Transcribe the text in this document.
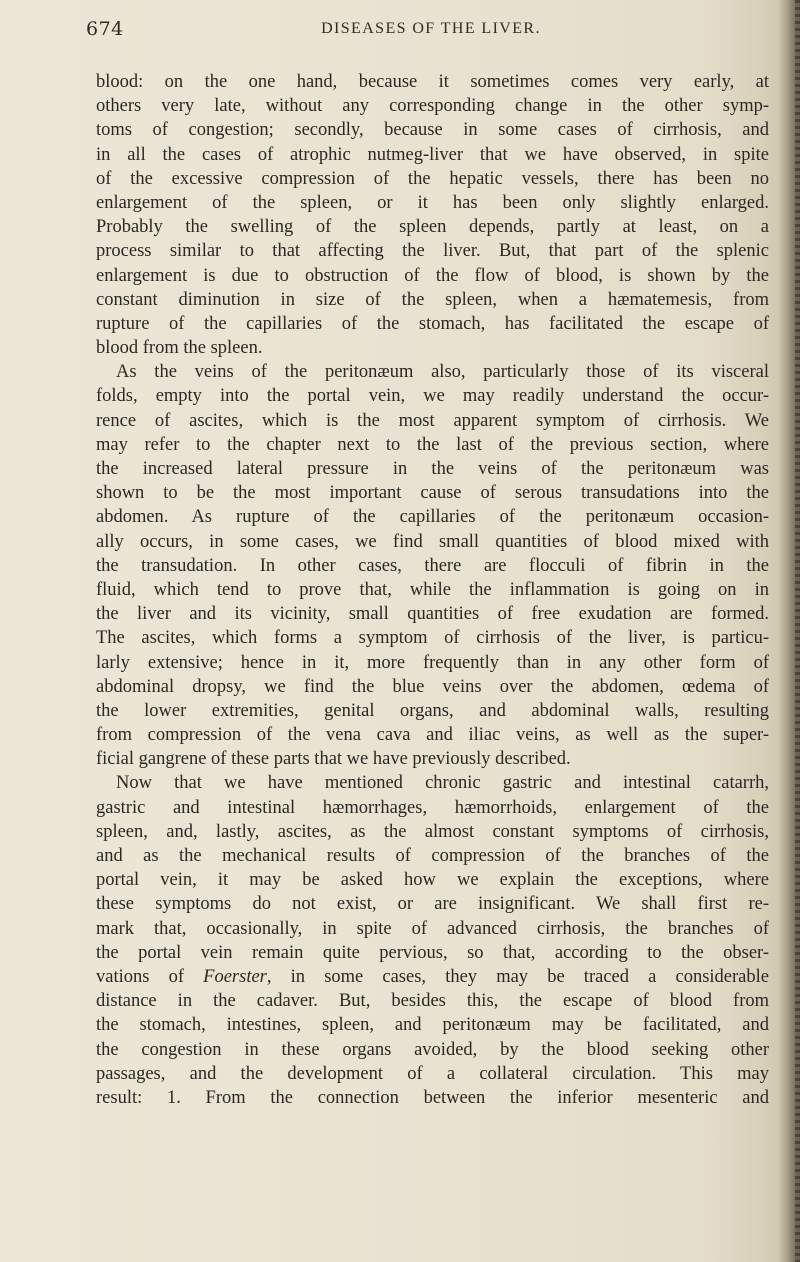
674	DISEASES OF THE LIVER.
blood: on the one hand, because it sometimes comes very early, at
others very late, without any corresponding change in the other symp-
toms of congestion; secondly, because in some cases of cirrhosis, and
in all the cases of atrophic nutmeg-liver that we have observed, in spite
of the excessive compression of the hepatic vessels, there has been no
enlargement of the spleen, or it has been only slightly enlarged.
Probably the swelling of the spleen depends, partly at least, on a
process similar to that affecting the liver. But, that part of the splenic
enlargement is due to obstruction of the flow of blood, is shown by the
constant diminution in size of the spleen, when a hæmatemesis, from
rupture of the capillaries of the stomach, has facilitated the escape of
blood from the spleen.
As the veins of the peritonæum also, particularly those of its visceral
folds, empty into the portal vein, we may readily understand the occur-
rence of ascites, which is the most apparent symptom of cirrhosis. We
may refer to the chapter next to the last of the previous section, where
the increased lateral pressure in the veins of the peritonæum was
shown to be the most important cause of serous transudations into the
abdomen. As rupture of the capillaries of the peritonæum occasion-
ally occurs, in some cases, we find small quantities of blood mixed with
the transudation. In other cases, there are flocculi of fibrin in the
fluid, which tend to prove that, while the inflammation is going on in
the liver and its vicinity, small quantities of free exudation are formed.
The ascites, which forms a symptom of cirrhosis of the liver, is particu-
larly extensive; hence in it, more frequently than in any other form of
abdominal dropsy, we find the blue veins over the abdomen, œdema of
the lower extremities, genital organs, and abdominal walls, resulting
from compression of the vena cava and iliac veins, as well as the super-
ficial gangrene of these parts that we have previously described.
Now that we have mentioned chronic gastric and intestinal catarrh,
gastric and intestinal hæmorrhages, hæmorrhoids, enlargement of the
spleen, and, lastly, ascites, as the almost constant symptoms of cirrhosis,
and as the mechanical results of compression of the branches of the
portal vein, it may be asked how we explain the exceptions, where
these symptoms do not exist, or are insignificant. We shall first re-
mark that, occasionally, in spite of advanced cirrhosis, the branches of
the portal vein remain quite pervious, so that, according to the obser-
vations of Foerster, in some cases, they may be traced a considerable
distance in the cadaver. But, besides this, the escape of blood from
the stomach, intestines, spleen, and peritonæum may be facilitated, and
the congestion in these organs avoided, by the blood seeking other
passages, and the development of a collateral circulation. This may
result: 1. From the connection between the inferior mesenteric and
